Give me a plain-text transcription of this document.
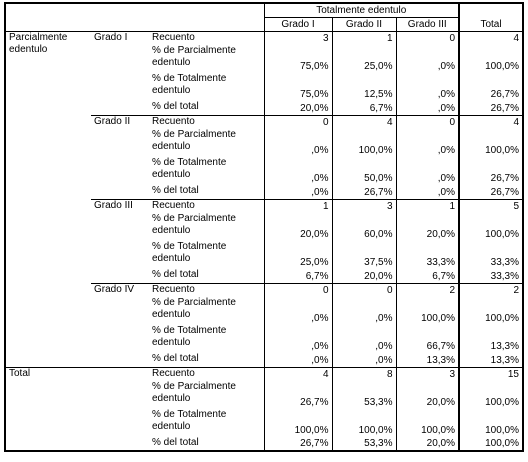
			Totalmente edentulo			
			Grado I	Grado II	Grado III	Total
Parcialmente edentulo	Grado I	Recuento	3	1	0	4
		% de Parcialmente edentulo	75,0%	25,0%	,0%	100,0%
		% de Totalmente edentulo	75,0%	12,5%	,0%	26,7%
		% del total	20,0%	6,7%	,0%	26,7%
	Grado II	Recuento	0	4	0	4
		% de Parcialmente edentulo	,0%	100,0%	,0%	100,0%
		% de Totalmente edentulo	,0%	50,0%	,0%	26,7%
		% del total	,0%	26,7%	,0%	26,7%
	Grado III	Recuento	1	3	1	5
		% de Parcialmente edentulo	20,0%	60,0%	20,0%	100,0%
		% de Totalmente edentulo	25,0%	37,5%	33,3%	33,3%
		% del total	6,7%	20,0%	6,7%	33,3%
	Grado IV	Recuento	0	0	2	2
		% de Parcialmente edentulo	,0%	,0%	100,0%	100,0%
		% de Totalmente edentulo	,0%	,0%	66,7%	13,3%
		% del total	,0%	,0%	13,3%	13,3%
Total		Recuento	4	8	3	15
		% de Parcialmente edentulo	26,7%	53,3%	20,0%	100,0%
		% de Totalmente edentulo	100,0%	100,0%	100,0%	100,0%
		% del total	26,7%	53,3%	20,0%	100,0%
